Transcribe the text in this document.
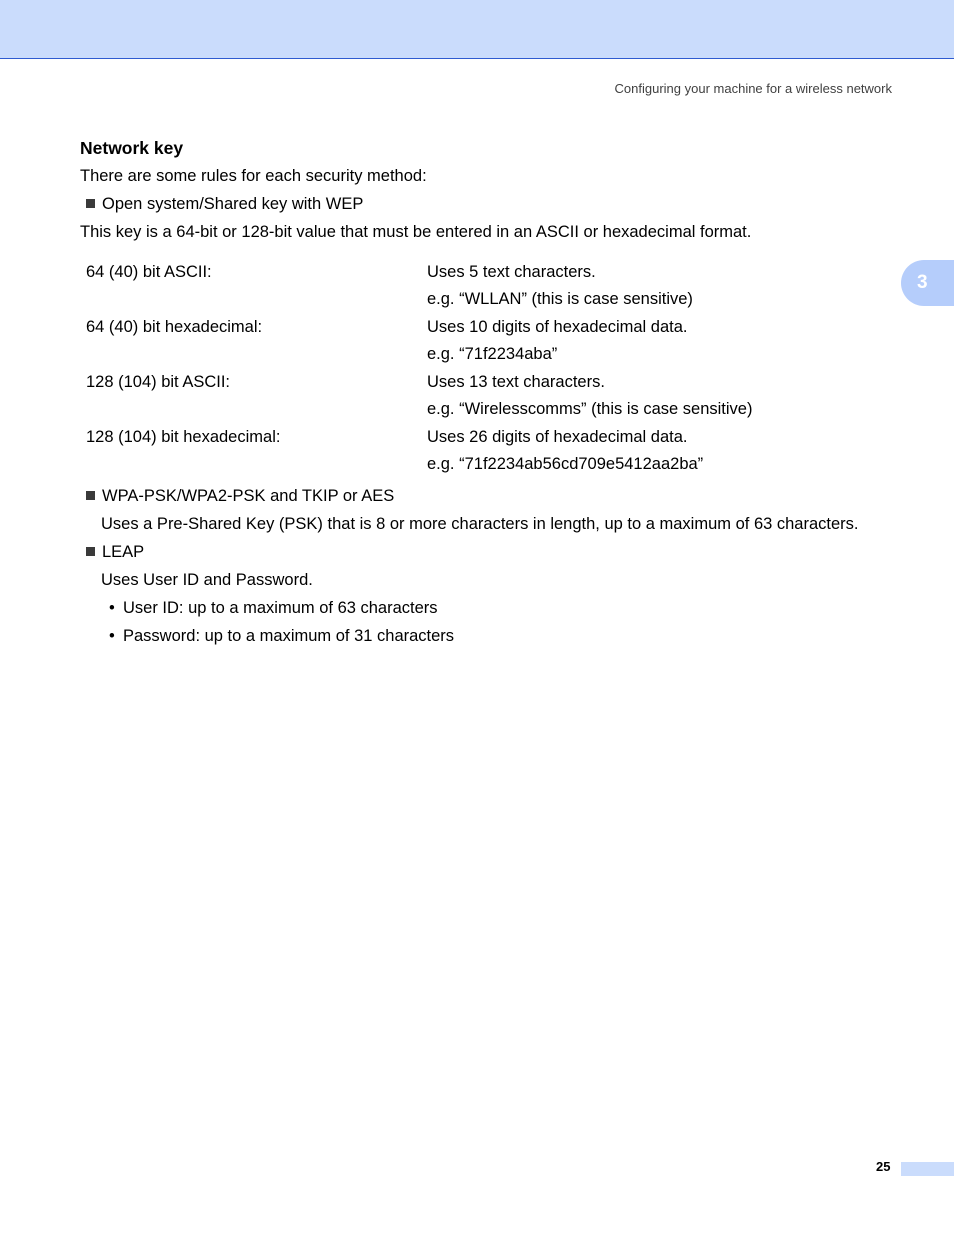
Configuring your machine for a wireless network
3
Network key

There are some rules for each security method:

Open system/Shared key with WEP

This key is a 64-bit or 128-bit value that must be entered in an ASCII or hexadecimal format.

64 (40) bit ASCII:	Uses 5 text characters.
	e.g. “WLLAN” (this is case sensitive)
64 (40) bit hexadecimal:	Uses 10 digits of hexadecimal data.
	e.g. “71f2234aba”
128 (104) bit ASCII:	Uses 13 text characters.
	e.g. “Wirelesscomms” (this is case sensitive)
128 (104) bit hexadecimal:	Uses 26 digits of hexadecimal data.
	e.g. “71f2234ab56cd709e5412aa2ba”
WPA-PSK/WPA2-PSK and TKIP or AES

Uses a Pre-Shared Key (PSK) that is 8 or more characters in length, up to a maximum of 63 characters.

LEAP

Uses User ID and Password.

• User ID: up to a maximum of 63 characters
• Password: up to a maximum of 31 characters
25
